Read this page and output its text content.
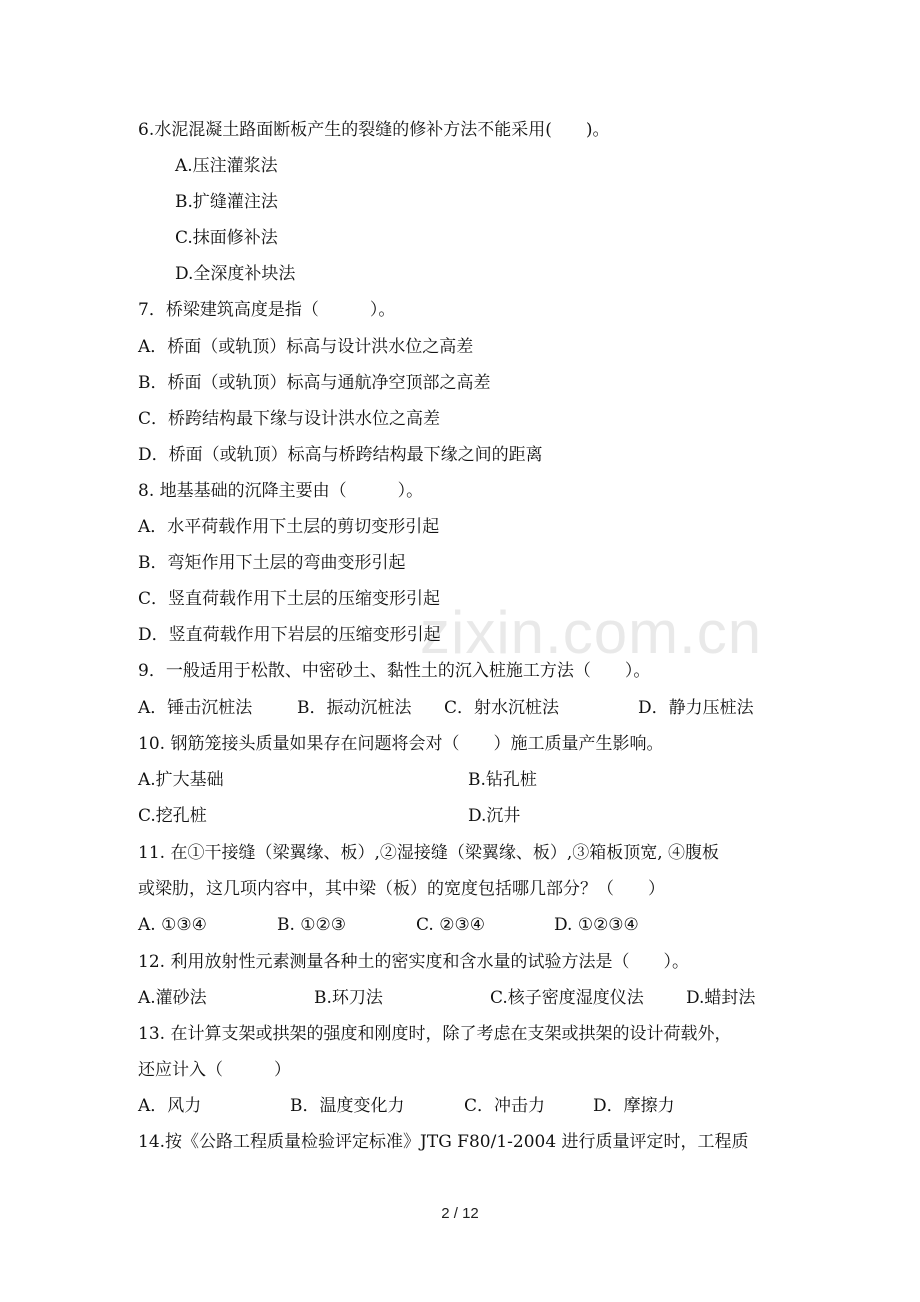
zixin.com.cn
6.水泥混凝土路面断板产生的裂缝的修补方法不能采用(　　)。
A.压注灌浆法
B.扩缝灌注法
C.抹面修补法
D.全深度补块法
7．桥梁建筑高度是指（　　　）。
A．桥面（或轨顶）标高与设计洪水位之高差
B．桥面（或轨顶）标高与通航净空顶部之高差
C．桥跨结构最下缘与设计洪水位之高差
D．桥面（或轨顶）标高与桥跨结构最下缘之间的距离
8. 地基基础的沉降主要由（　　　）。
A．水平荷载作用下土层的剪切变形引起
B．弯矩作用下土层的弯曲变形引起
C．竖直荷载作用下土层的压缩变形引起
D．竖直荷载作用下岩层的压缩变形引起
9．一般适用于松散、中密砂土、黏性土的沉入桩施工方法（　　）。
A．锤击沉桩法	B．振动沉桩法 C．射水沉桩法	D．静力压桩法
10. 钢筋笼接头质量如果存在问题将会对（　　）施工质量产生影响。
A.扩大基础	B.钻孔桩
C.挖孔桩	D.沉井
11. 在①干接缝（梁翼缘、板）,②湿接缝（梁翼缘、板）,③箱板顶宽, ④腹板
或梁肋，这几项内容中，其中梁（板）的宽度包括哪几部分？（　　）
A. ①③④	B. ①②③	C. ②③④	D. ①②③④
12. 利用放射性元素测量各种土的密实度和含水量的试验方法是（　　）。
A.灌砂法	B.环刀法	C.核子密度湿度仪法 D.蜡封法
13. 在计算支架或拱架的强度和刚度时，除了考虑在支架或拱架的设计荷载外，
还应计入（　　　）
A．风力	B．温度变化力	C．冲击力	D．摩擦力
14.按《公路工程质量检验评定标准》JTG F80/1-2004 进行质量评定时，工程质
2 / 12
